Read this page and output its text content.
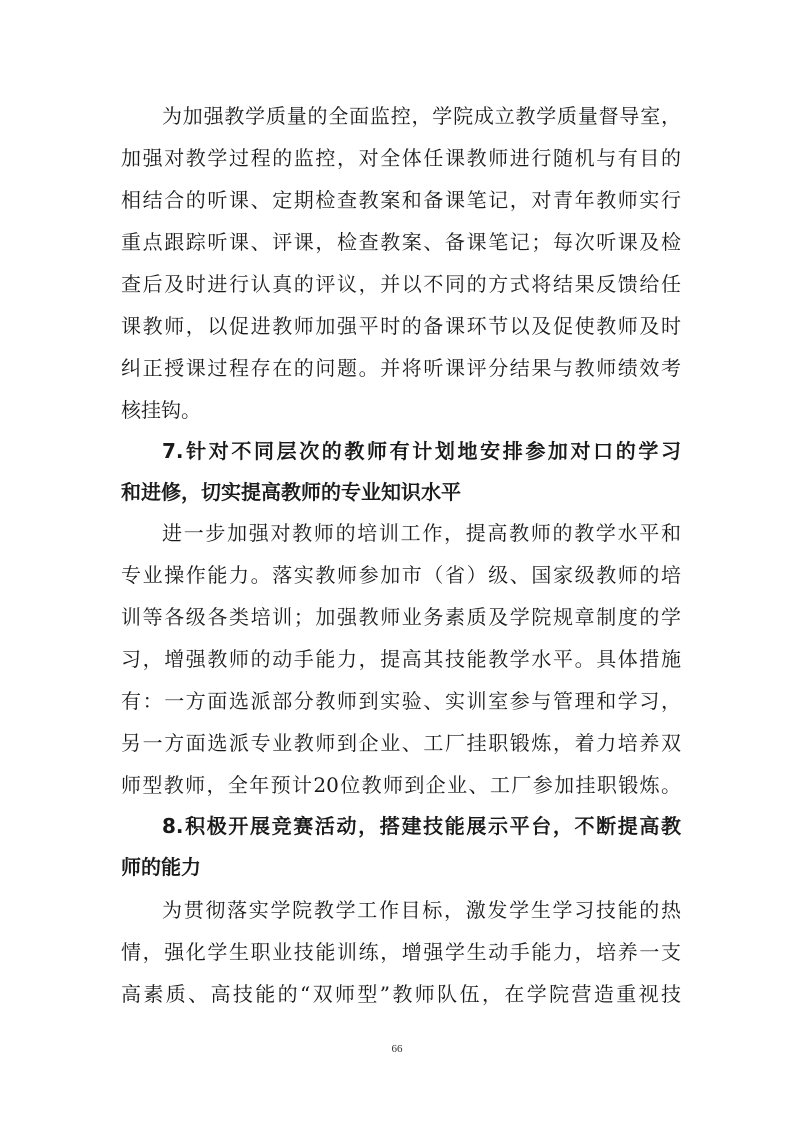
为加强教学质量的全面监控，学院成立教学质量督导室，
加强对教学过程的监控，对全体任课教师进行随机与有目的
相结合的听课、定期检查教案和备课笔记，对青年教师实行
重点跟踪听课、评课，检查教案、备课笔记；每次听课及检
查后及时进行认真的评议，并以不同的方式将结果反馈给任
课教师，以促进教师加强平时的备课环节以及促使教师及时
纠正授课过程存在的问题。并将听课评分结果与教师绩效考
核挂钩。
7.针对不同层次的教师有计划地安排参加对口的学习
和进修，切实提高教师的专业知识水平
进一步加强对教师的培训工作，提高教师的教学水平和
专业操作能力。落实教师参加市（省）级、国家级教师的培
训等各级各类培训；加强教师业务素质及学院规章制度的学
习，增强教师的动手能力，提高其技能教学水平。具体措施
有：一方面选派部分教师到实验、实训室参与管理和学习，
另一方面选派专业教师到企业、工厂挂职锻炼，着力培养双
师型教师，全年预计20位教师到企业、工厂参加挂职锻炼。
8.积极开展竞赛活动，搭建技能展示平台，不断提高教
师的能力
为贯彻落实学院教学工作目标，激发学生学习技能的热
情，强化学生职业技能训练，增强学生动手能力，培养一支
高素质、高技能的“双师型”教师队伍，在学院营造重视技
66
